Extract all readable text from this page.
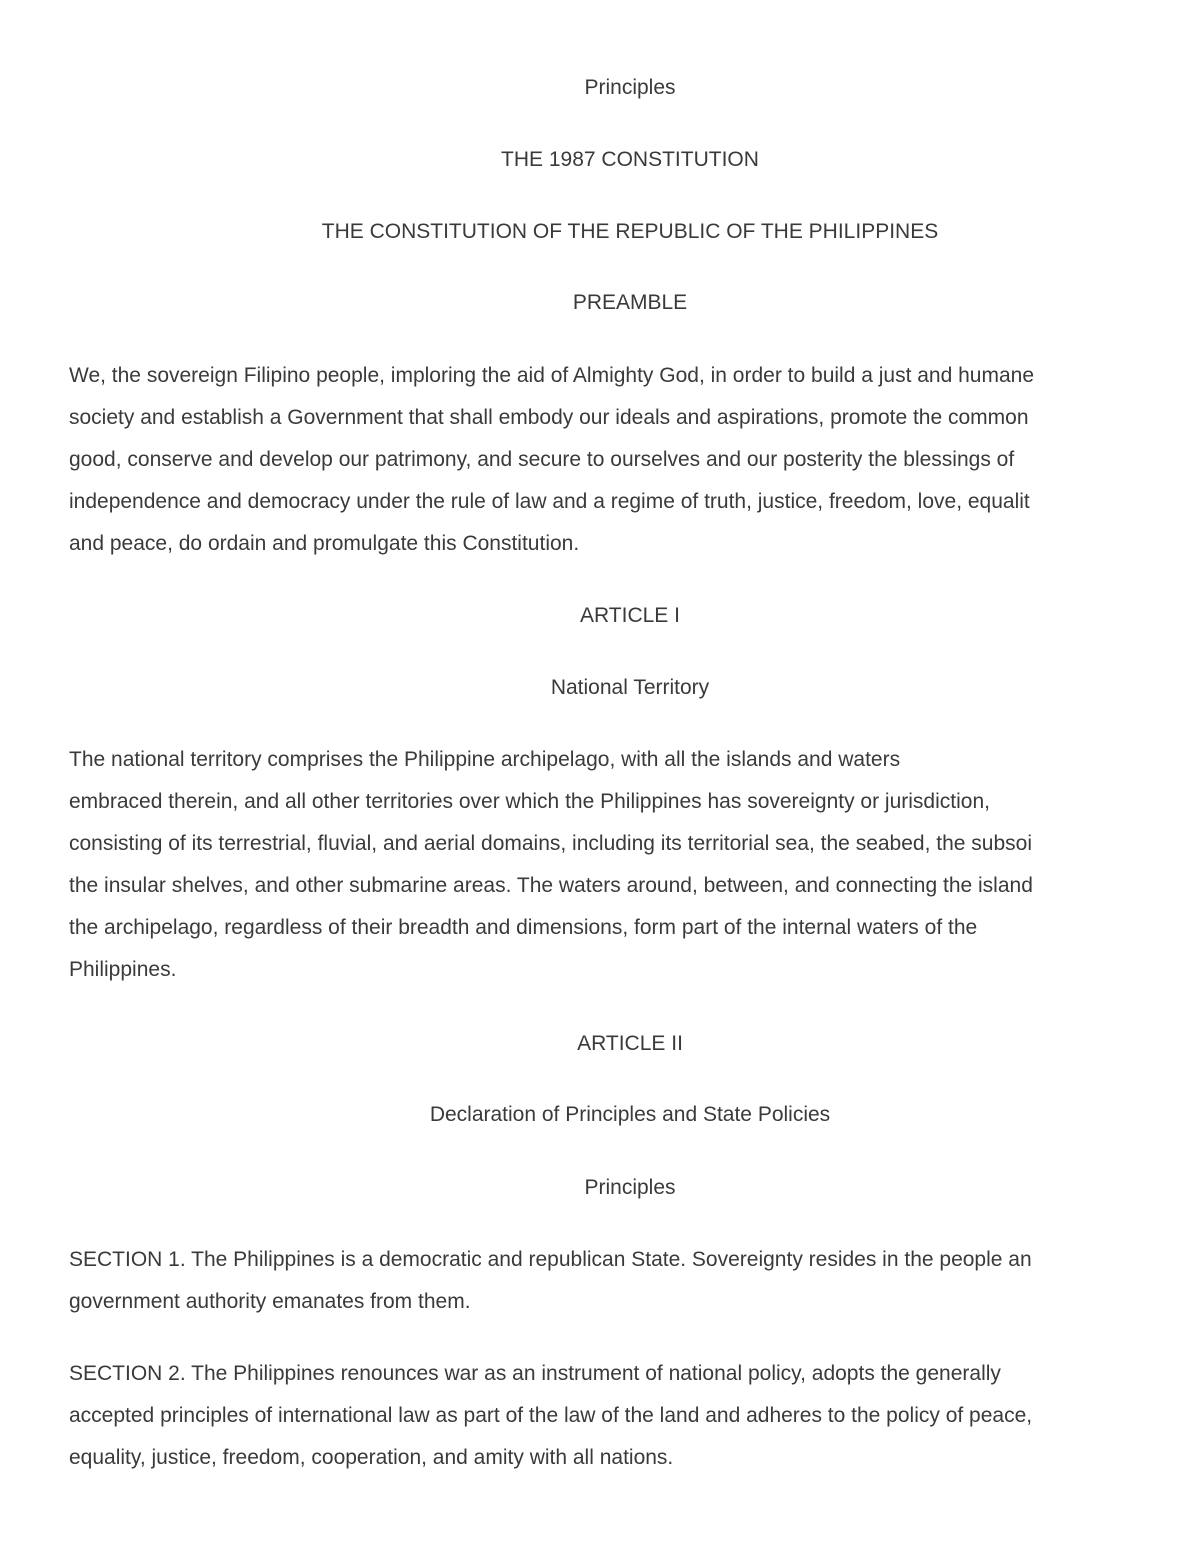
Principles
THE 1987 CONSTITUTION
THE CONSTITUTION OF THE REPUBLIC OF THE PHILIPPINES
PREAMBLE
We, the sovereign Filipino people, imploring the aid of Almighty God, in order to build a just and humane
society and establish a Government that shall embody our ideals and aspirations, promote the common
good, conserve and develop our patrimony, and secure to ourselves and our posterity the blessings of
independence and democracy under the rule of law and a regime of truth, justice, freedom, love, equalit
and peace, do ordain and promulgate this Constitution.
ARTICLE I
National Territory
The national territory comprises the Philippine archipelago, with all the islands and waters
embraced therein, and all other territories over which the Philippines has sovereignty or jurisdiction,
consisting of its terrestrial, fluvial, and aerial domains, including its territorial sea, the seabed, the subsoi
the insular shelves, and other submarine areas. The waters around, between, and connecting the island
the archipelago, regardless of their breadth and dimensions, form part of the internal waters of the
Philippines.
ARTICLE II
Declaration of Principles and State Policies
Principles
SECTION 1. The Philippines is a democratic and republican State. Sovereignty resides in the people an
government authority emanates from them.
SECTION 2. The Philippines renounces war as an instrument of national policy, adopts the generally
accepted principles of international law as part of the law of the land and adheres to the policy of peace,
equality, justice, freedom, cooperation, and amity with all nations.
